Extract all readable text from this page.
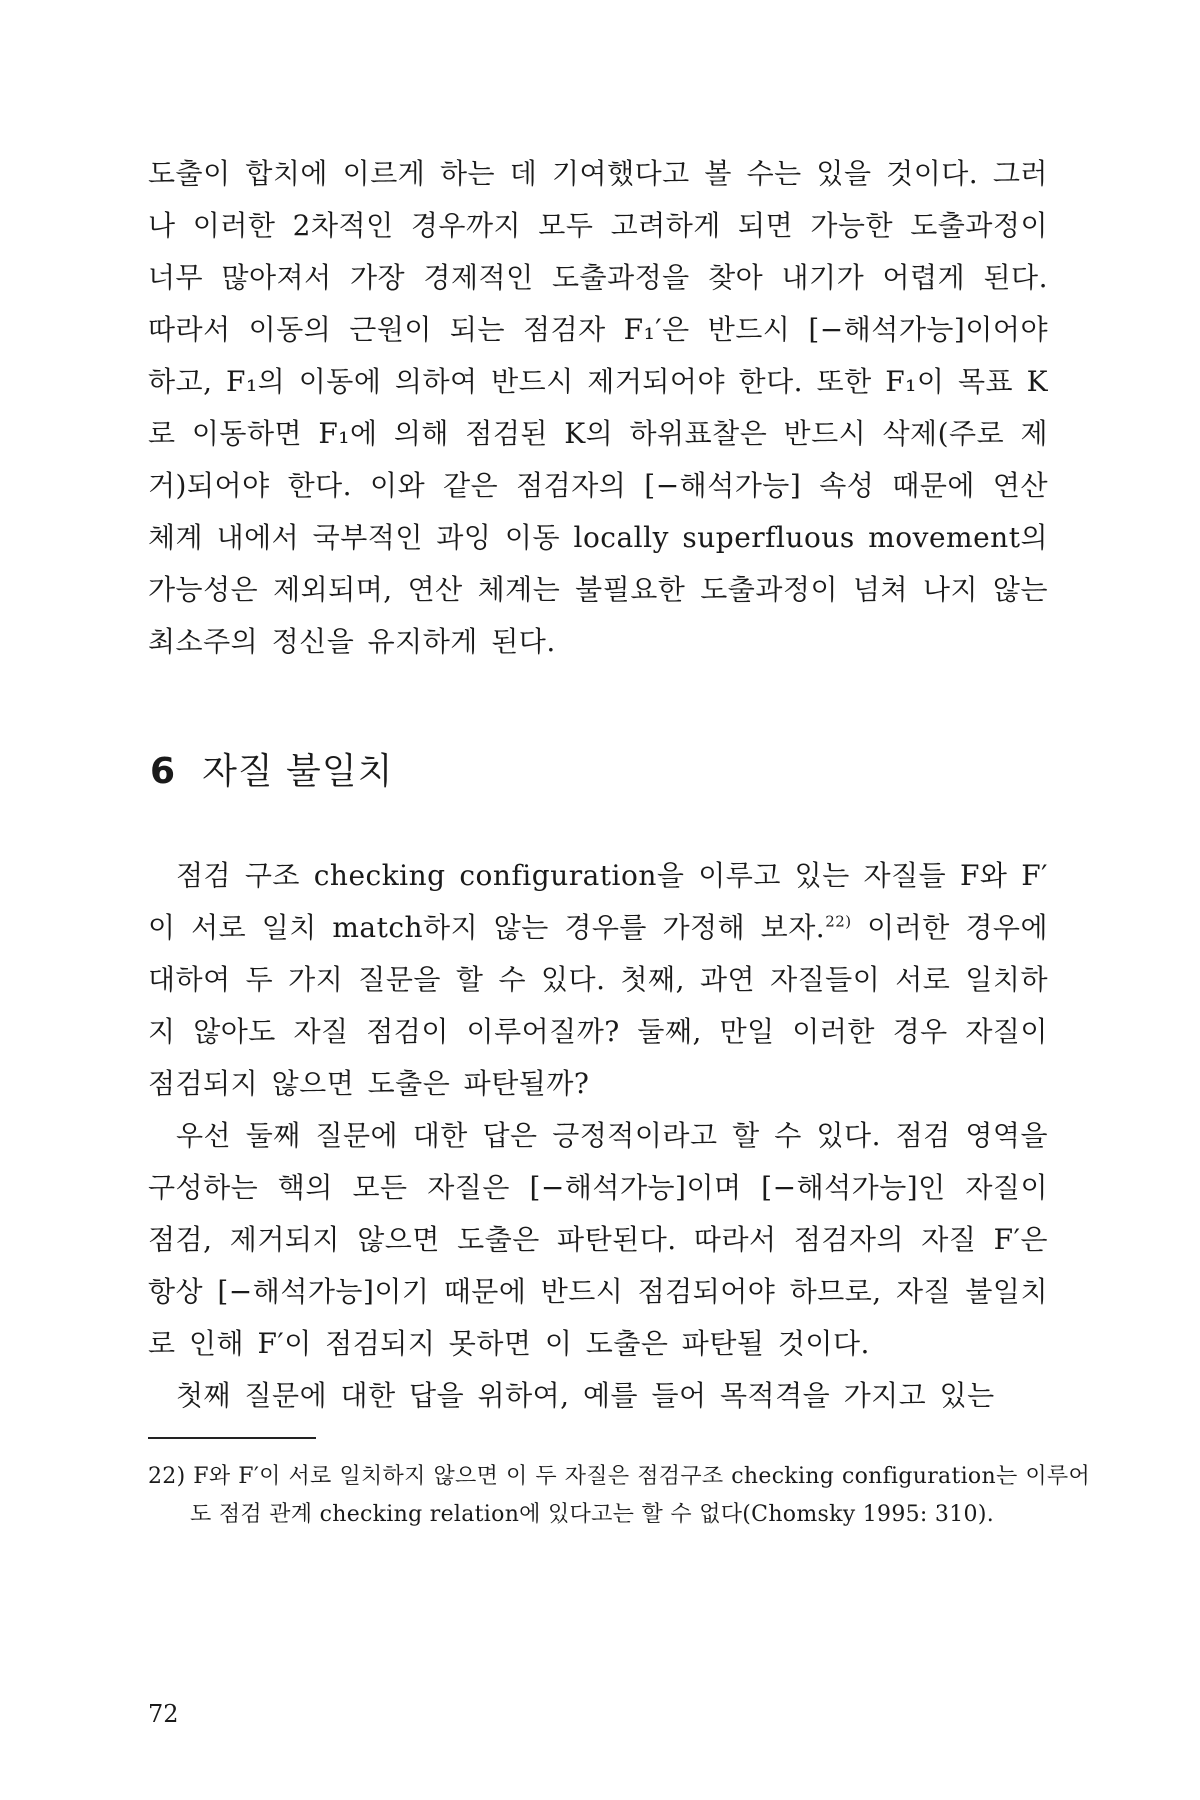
도출이 합치에 이르게 하는 데 기여했다고 볼 수는 있을 것이다. 그러나 이러한 2차적인 경우까지 모두 고려하게 되면 가능한 도출과정이 너무 많아져서 가장 경제적인 도출과정을 찾아 내기가 어렵게 된다. 따라서 이동의 근원이 되는 점검자 F₁′은 반드시 [−해석가능]이어야 하고, F₁의 이동에 의하여 반드시 제거되어야 한다. 또한 F₁이 목표 K로 이동하면 F₁에 의해 점검된 K의 하위표찰은 반드시 삭제(주로 제거)되어야 한다. 이와 같은 점검자의 [−해석가능] 속성 때문에 연산 체계 내에서 국부적인 과잉 이동 locally superfluous movement의 가능성은 제외되며, 연산 체계는 불필요한 도출과정이 넘쳐 나지 않는 최소주의 정신을 유지하게 된다.

6 자질 불일치

점검 구조 checking configuration을 이루고 있는 자질들 F와 F′이 서로 일치 match하지 않는 경우를 가정해 보자.$^{22)}$ 이러한 경우에 대하여 두 가지 질문을 할 수 있다. 첫째, 과연 자질들이 서로 일치하지 않아도 자질 점검이 이루어질까? 둘째, 만일 이러한 경우 자질이 점검되지 않으면 도출은 파탄될까?

우선 둘째 질문에 대한 답은 긍정적이라고 할 수 있다. 점검 영역을 구성하는 핵의 모든 자질은 [−해석가능]이며 [−해석가능]인 자질이 점검, 제거되지 않으면 도출은 파탄된다. 따라서 점검자의 자질 F′은 항상 [−해석가능]이기 때문에 반드시 점검되어야 하므로, 자질 불일치로 인해 F′이 점검되지 못하면 이 도출은 파탄될 것이다.

첫째 질문에 대한 답을 위하여, 예를 들어 목적격을 가지고 있는

22) F와 F′이 서로 일치하지 않으면 이 두 자질은 점검구조 checking configuration는 이루어도 점검 관계 checking relation에 있다고는 할 수 없다(Chomsky 1995: 310).

72
